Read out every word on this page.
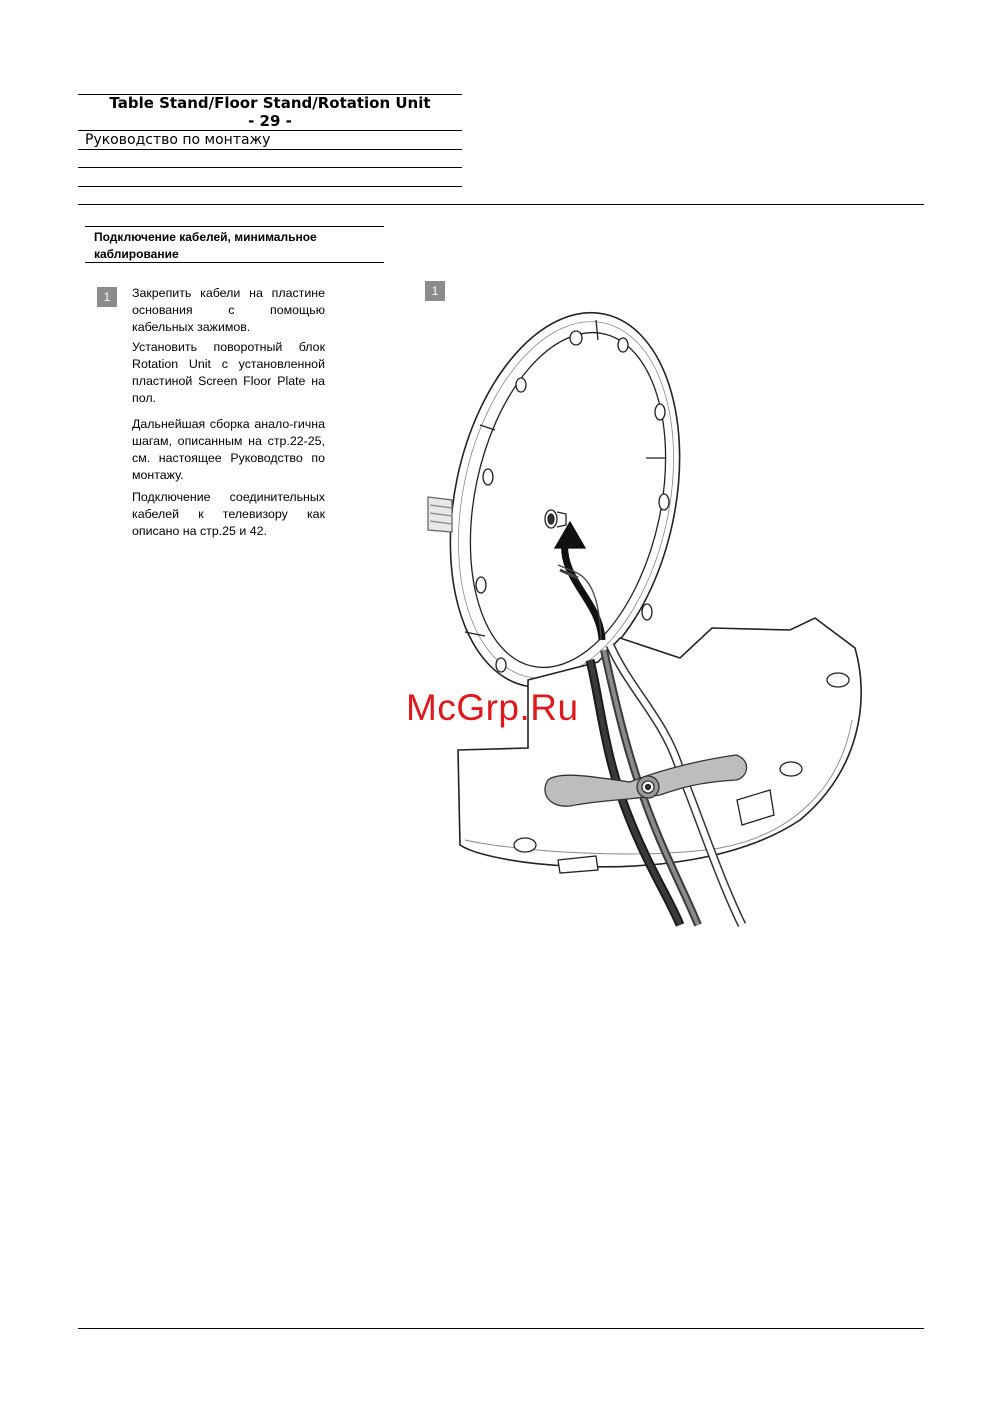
Table Stand/Floor Stand/Rotation Unit
- 29 -
Руководство по монтажу
Подключение кабелей, минимальное каблирование
1	Закрепить кабели на пластине основания с помощью кабельных зажимов.
Установить поворотный блок Rotation Unit с установленной пластиной Screen Floor Plate на пол.
Дальнейшая сборка анало-гична шагам, описанным на стр.22-25, см. настоящее Руководство по монтажу.
Подключение соединительных кабелей к телевизору как описано на стр.25 и 42.
1
McGrp.Ru
